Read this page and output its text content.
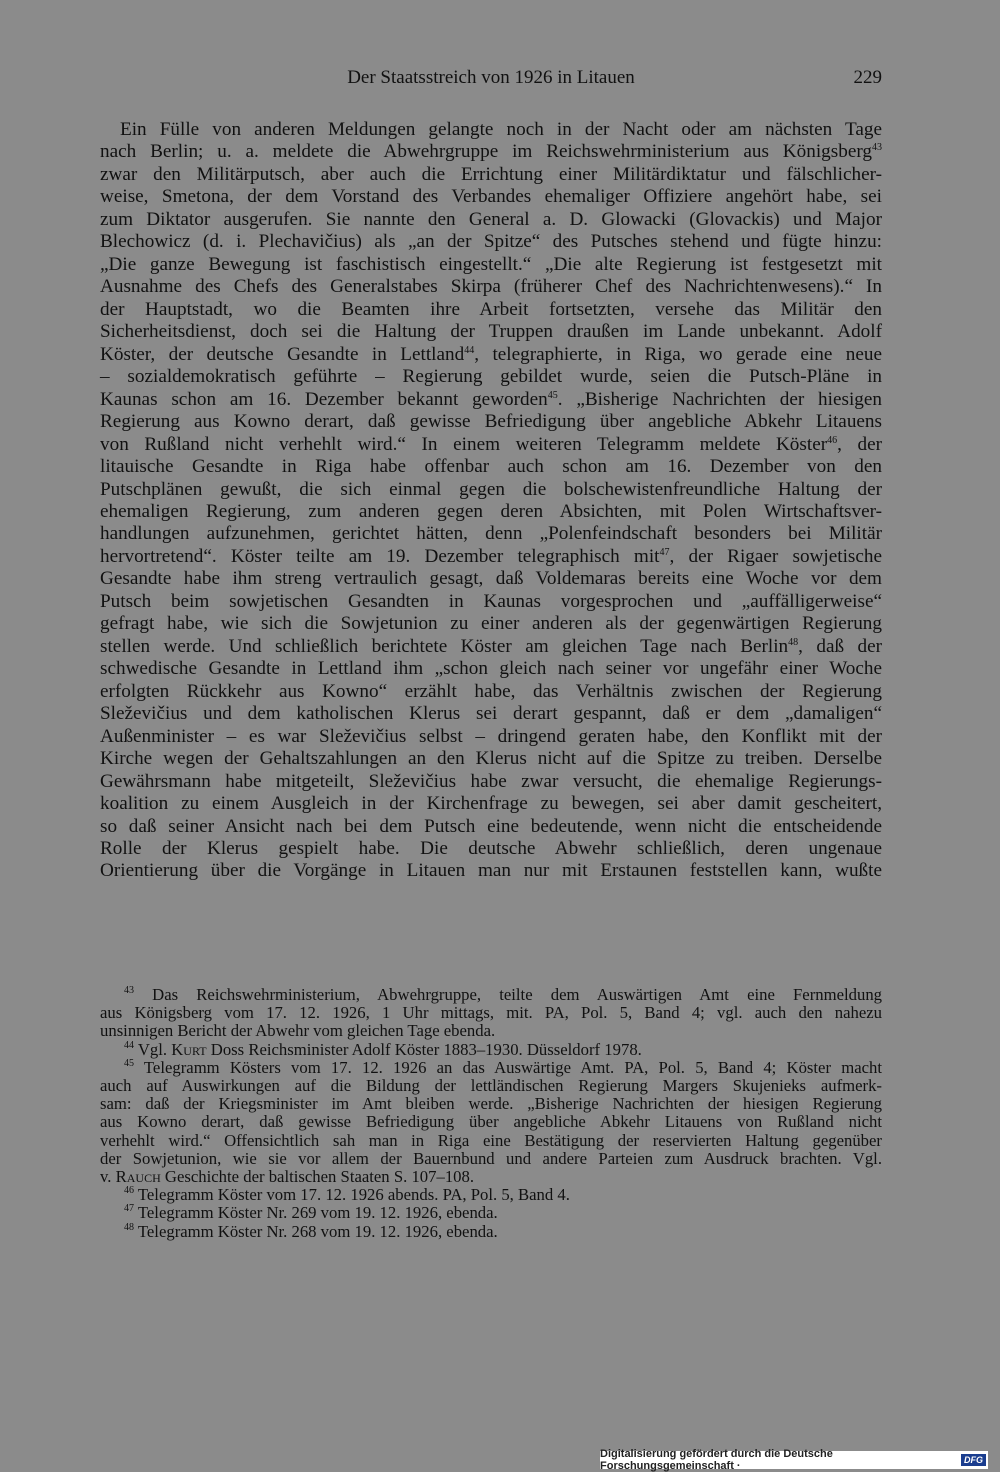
Der Staatsstreich von 1926 in Litauen	229
Ein Fülle von anderen Meldungen gelangte noch in der Nacht oder am nächsten Tage
nach Berlin; u. a. meldete die Abwehrgruppe im Reichswehrministerium aus Königsberg$^{43}$
zwar den Militärputsch, aber auch die Errichtung einer Militärdiktatur und fälschlicher-
weise, Smetona, der dem Vorstand des Verbandes ehemaliger Offiziere angehört habe, sei
zum Diktator ausgerufen. Sie nannte den General a. D. Glowacki (Glovackis) und Major
Blechowicz (d. i. Plechavičius) als „an der Spitze“ des Putsches stehend und fügte hinzu:
„Die ganze Bewegung ist faschistisch eingestellt.“ „Die alte Regierung ist festgesetzt mit
Ausnahme des Chefs des Generalstabes Skirpa (früherer Chef des Nachrichtenwesens).“ In
der Hauptstadt, wo die Beamten ihre Arbeit fortsetzten, versehe das Militär den
Sicherheitsdienst, doch sei die Haltung der Truppen draußen im Lande unbekannt. Adolf
Köster, der deutsche Gesandte in Lettland$^{44}$, telegraphierte, in Riga, wo gerade eine neue
– sozialdemokratisch geführte – Regierung gebildet wurde, seien die Putsch-Pläne in
Kaunas schon am 16. Dezember bekannt geworden$^{45}$. „Bisherige Nachrichten der hiesigen
Regierung aus Kowno derart, daß gewisse Befriedigung über angebliche Abkehr Litauens
von Rußland nicht verhehlt wird.“ In einem weiteren Telegramm meldete Köster$^{46}$, der
litauische Gesandte in Riga habe offenbar auch schon am 16. Dezember von den
Putschplänen gewußt, die sich einmal gegen die bolschewistenfreundliche Haltung der
ehemaligen Regierung, zum anderen gegen deren Absichten, mit Polen Wirtschaftsver-
handlungen aufzunehmen, gerichtet hätten, denn „Polenfeindschaft besonders bei Militär
hervortretend“. Köster teilte am 19. Dezember telegraphisch mit$^{47}$, der Rigaer sowjetische
Gesandte habe ihm streng vertraulich gesagt, daß Voldemaras bereits eine Woche vor dem
Putsch beim sowjetischen Gesandten in Kaunas vorgesprochen und „auffälligerweise“
gefragt habe, wie sich die Sowjetunion zu einer anderen als der gegenwärtigen Regierung
stellen werde. Und schließlich berichtete Köster am gleichen Tage nach Berlin$^{48}$, daß der
schwedische Gesandte in Lettland ihm „schon gleich nach seiner vor ungefähr einer Woche
erfolgten Rückkehr aus Kowno“ erzählt habe, das Verhältnis zwischen der Regierung
Sleževičius und dem katholischen Klerus sei derart gespannt, daß er dem „damaligen“
Außenminister – es war Sleževičius selbst – dringend geraten habe, den Konflikt mit der
Kirche wegen der Gehaltszahlungen an den Klerus nicht auf die Spitze zu treiben. Derselbe
Gewährsmann habe mitgeteilt, Sleževičius habe zwar versucht, die ehemalige Regierungs-
koalition zu einem Ausgleich in der Kirchenfrage zu bewegen, sei aber damit gescheitert,
so daß seiner Ansicht nach bei dem Putsch eine bedeutende, wenn nicht die entscheidende
Rolle der Klerus gespielt habe. Die deutsche Abwehr schließlich, deren ungenaue
Orientierung über die Vorgänge in Litauen man nur mit Erstaunen feststellen kann, wußte
$^{43}$ Das Reichswehrministerium, Abwehrgruppe, teilte dem Auswärtigen Amt eine Fernmeldung
aus Königsberg vom 17. 12. 1926, 1 Uhr mittags, mit. PA, Pol. 5, Band 4; vgl. auch den nahezu
unsinnigen Bericht der Abwehr vom gleichen Tage ebenda.
$^{44}$ Vgl. Kurt Doss Reichsminister Adolf Köster 1883–1930. Düsseldorf 1978.
$^{45}$ Telegramm Kösters vom 17. 12. 1926 an das Auswärtige Amt. PA, Pol. 5, Band 4; Köster macht
auch auf Auswirkungen auf die Bildung der lettländischen Regierung Margers Skujenieks aufmerk-
sam: daß der Kriegsminister im Amt bleiben werde. „Bisherige Nachrichten der hiesigen Regierung
aus Kowno derart, daß gewisse Befriedigung über angebliche Abkehr Litauens von Rußland nicht
verhehlt wird.“ Offensichtlich sah man in Riga eine Bestätigung der reservierten Haltung gegenüber
der Sowjetunion, wie sie vor allem der Bauernbund und andere Parteien zum Ausdruck brachten. Vgl.
v. Rauch Geschichte der baltischen Staaten S. 107–108.
$^{46}$ Telegramm Köster vom 17. 12. 1926 abends. PA, Pol. 5, Band 4.
$^{47}$ Telegramm Köster Nr. 269 vom 19. 12. 1926, ebenda.
$^{48}$ Telegramm Köster Nr. 268 vom 19. 12. 1926, ebenda.
Digitalisierung gefördert durch die Deutsche Forschungsgemeinschaft ·	DFG
